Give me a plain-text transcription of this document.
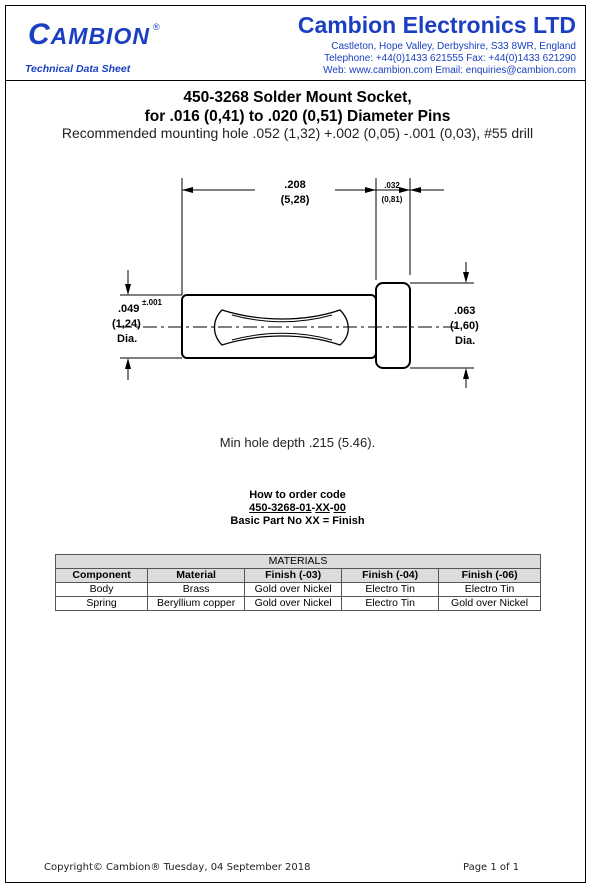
CAMBION ®
Technical Data Sheet
Cambion Electronics LTD
Castleton, Hope Valley, Derbyshire, S33 8WR, England
Telephone: +44(0)1433 621555 Fax: +44(0)1433 621290
Web: www.cambion.com Email: enquiries@cambion.com
450-3268 Solder Mount Socket,
for .016 (0,41) to .020 (0,51) Diameter Pins
Recommended mounting hole .052 (1,32) +.002 (0,05) -.001 (0,03), #55 drill
.208
(5,28)
.032
(0,81)
.049
±.001
(1,24)
Dia.
.063
(1,60)
Dia.
Min hole depth .215 (5.46).
How to order code
450-3268-01-XX-00
Basic Part No XX = Finish
MATERIALS				
Component	Material	Finish (-03)	Finish (-04)	Finish (-06)
Body	Brass	Gold over Nickel	Electro Tin	Electro Tin
Spring	Beryllium copper	Gold over Nickel	Electro Tin	Gold over Nickel
Copyright© Cambion® Tuesday, 04 September 2018	Page 1 of 1
